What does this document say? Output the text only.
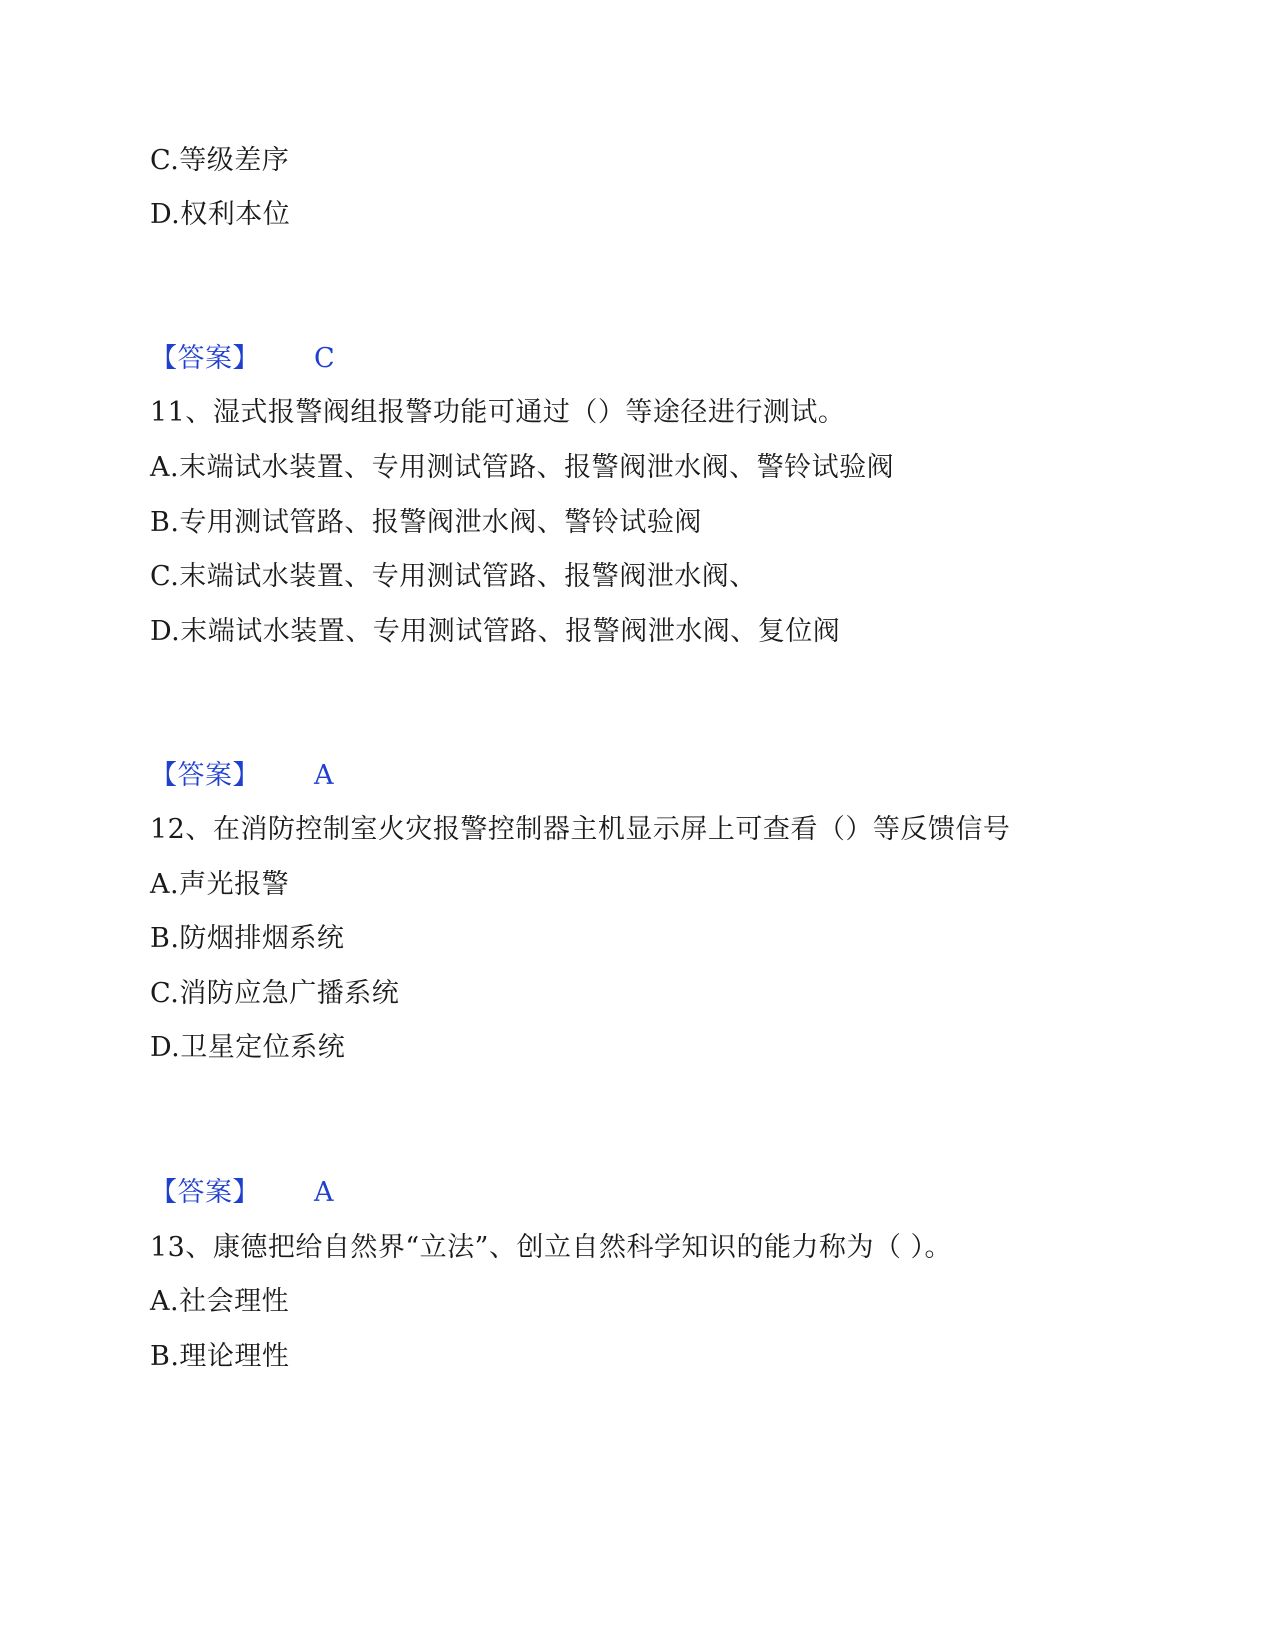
C.等级差序
D.权利本位
【答案】 C
11、湿式报警阀组报警功能可通过（）等途径进行测试。
A.末端试水装置、专用测试管路、报警阀泄水阀、警铃试验阀
B.专用测试管路、报警阀泄水阀、警铃试验阀
C.末端试水装置、专用测试管路、报警阀泄水阀、
D.末端试水装置、专用测试管路、报警阀泄水阀、复位阀
【答案】 A
12、在消防控制室火灾报警控制器主机显示屏上可查看（）等反馈信号
A.声光报警
B.防烟排烟系统
C.消防应急广播系统
D.卫星定位系统
【答案】 A
13、康德把给自然界“立法”、创立自然科学知识的能力称为（ ）。
A.社会理性
B.理论理性
